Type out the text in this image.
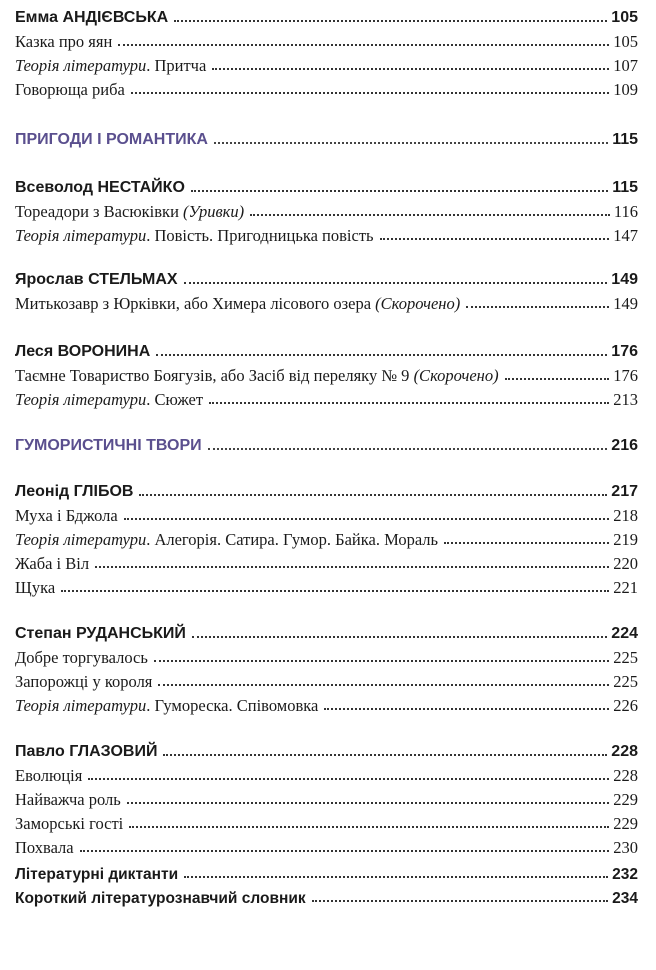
Емма АНДІЄВСЬКА	105
Казка про яян	105
Теорія літератури. Притча	107
Говорюща риба	109
ПРИГОДИ І РОМАНТИКА	115
Всеволод НЕСТАЙКО	115
Тореадори з Васюківки (Уривки)	116
Теорія літератури. Повість. Пригодницька повість	147
Ярослав СТЕЛЬМАХ	149
Митькозавр з Юрківки, або Химера лісового озера (Скорочено)	149
Леся ВОРОНИНА	176
Таємне Товариство Боягузів, або Засіб від переляку № 9 (Скорочено)	176
Теорія літератури. Сюжет	213
ГУМОРИСТИЧНІ ТВОРИ	216
Леонід ГЛІБОВ	217
Муха і Бджола	218
Теорія літератури. Алегорія. Сатира. Гумор. Байка. Мораль	219
Жаба і Віл	220
Щука	221
Степан РУДАНСЬКИЙ	224
Добре торгувалось	225
Запорожці у короля	225
Теорія літератури. Гумореска. Співомовка	226
Павло ГЛАЗОВИЙ	228
Еволюція	228
Найважча роль	229
Заморські гості	229
Похвала	230
Літературні диктанти	232
Короткий літературознавчий словник	234
